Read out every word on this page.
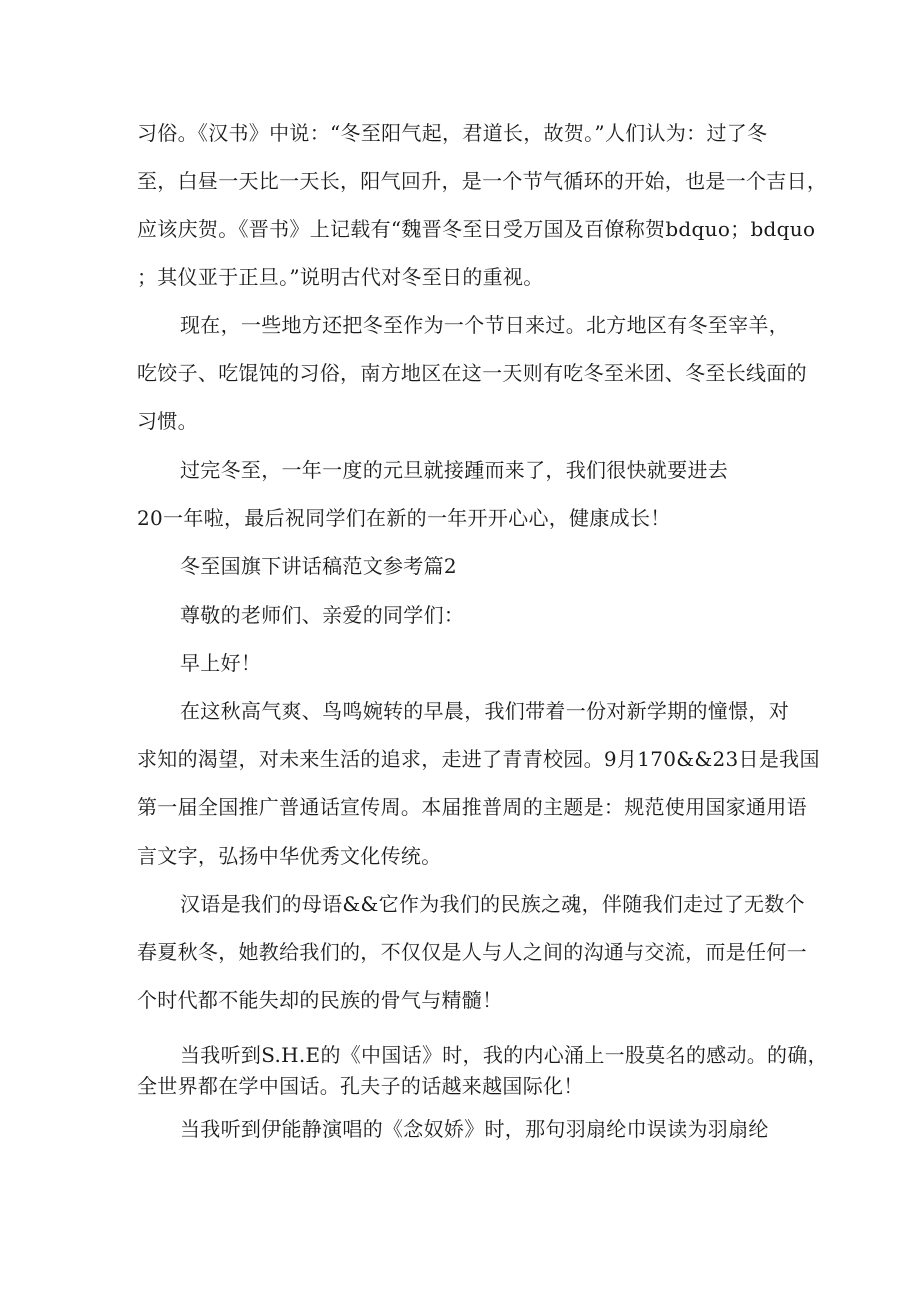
习俗。《汉书》中说：“冬至阳气起，君道长，故贺。”人们认为：过了冬
至，白昼一天比一天长，阳气回升，是一个节气循环的开始，也是一个吉日，
应该庆贺。《晋书》上记载有“魏晋冬至日受万国及百僚称贺bdquo；bdquo
；其仪亚于正旦。”说明古代对冬至日的重视。
现在，一些地方还把冬至作为一个节日来过。北方地区有冬至宰羊，
吃饺子、吃馄饨的习俗，南方地区在这一天则有吃冬至米团、冬至长线面的
习惯。
过完冬至，一年一度的元旦就接踵而来了，我们很快就要进去
20一年啦，最后祝同学们在新的一年开开心心，健康成长！
冬至国旗下讲话稿范文参考篇2
尊敬的老师们、亲爱的同学们：
早上好！
在这秋高气爽、鸟鸣婉转的早晨，我们带着一份对新学期的憧憬，对
求知的渴望，对未来生活的追求，走进了青青校园。9月170&&23日是我国
第一届全国推广普通话宣传周。本届推普周的主题是：规范使用国家通用语
言文字，弘扬中华优秀文化传统。
汉语是我们的母语&&它作为我们的民族之魂，伴随我们走过了无数个
春夏秋冬，她教给我们的，不仅仅是人与人之间的沟通与交流，而是任何一
个时代都不能失却的民族的骨气与精髓！
当我听到S.H.E的《中国话》时，我的内心涌上一股莫名的感动。的确，
全世界都在学中国话。孔夫子的话越来越国际化！
当我听到伊能静演唱的《念奴娇》时，那句羽扇纶巾误读为羽扇纶
